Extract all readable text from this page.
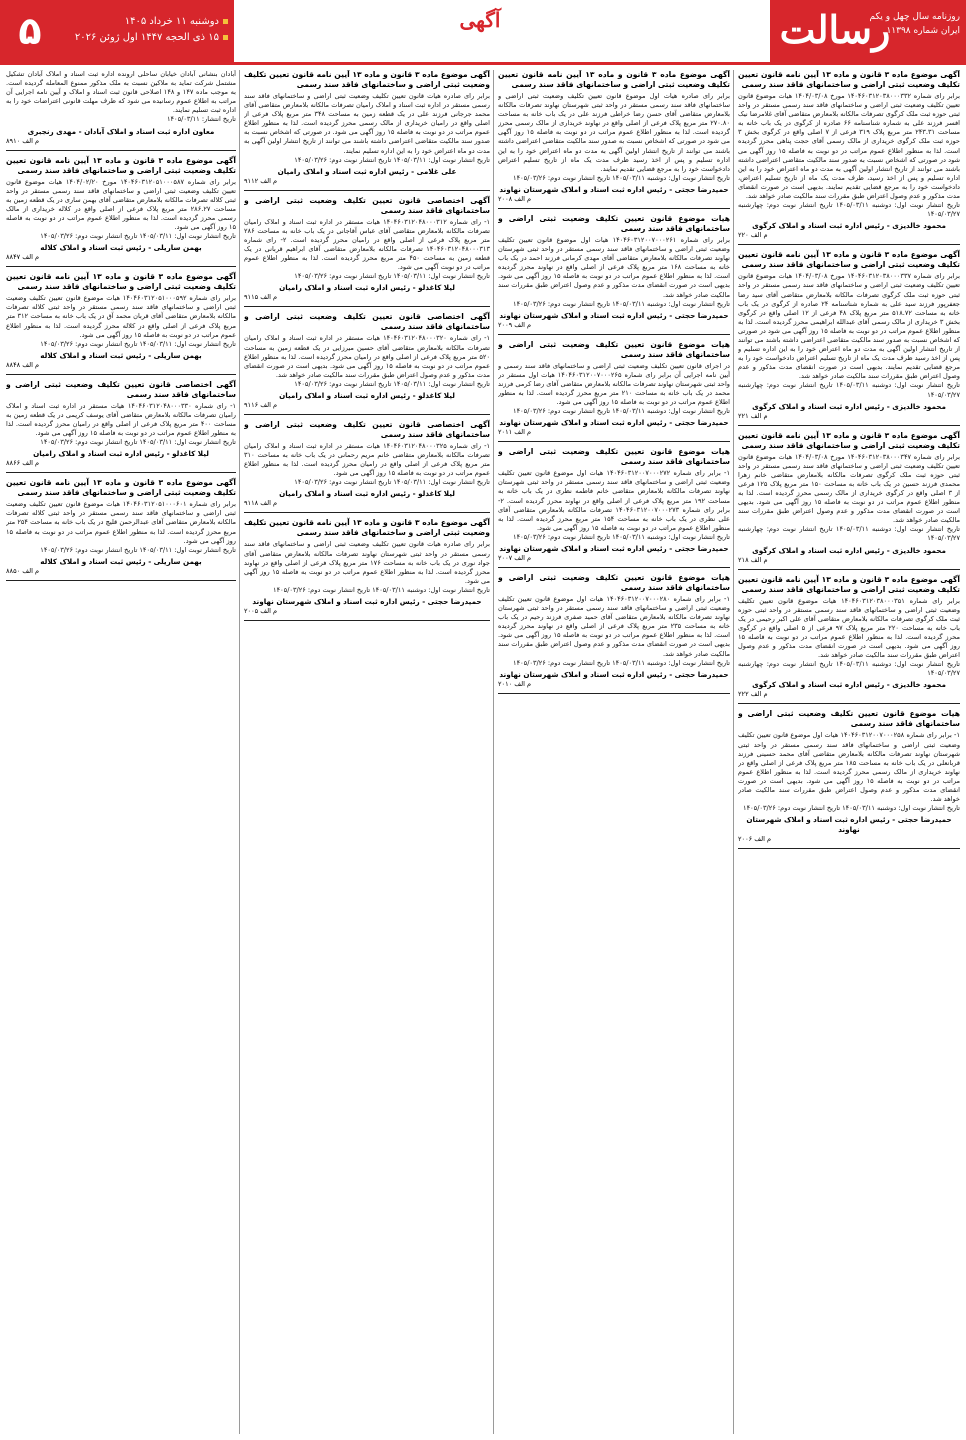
۵	دوشنبه ۱۱ خرداد ۱۴۰۵
۱۵ ذی الحجه ۱۴۴۷ اول ژوئن ۲۰۲۶
آگهی	رسالت
روزنامه سال چهل و یکم
ایران شماره ۱۱۳۹۸
آگهی موضوع ماده ۳ قانون و ماده ۱۳ آیین نامه قانون تعیین تکلیف وضعیت ثبتی اراضی و ساختمانهای فاقد سند رسمی
برابر رای شماره ۱۴۰۴۶۰۳۱۲۰۳۸۰۰۰۳۳۲ مورخ ۱۴۰۴/۰۳/۰۸ هیات موضوع قانون تعیین تکلیف وضعیت ثبتی اراضی و ساختمانهای فاقد سند رسمی مستقر در واحد ثبتی حوزه ثبت ملک کرگوی تصرفات مالکانه بلامعارض متقاضی آقای غلامرضا نیک افسر فرزند علی به شماره شناسنامه ۶۶ صادره از کرگوی در یک باب خانه به مساحت ۲۴۳.۳۱ متر مربع پلاک ۳۱۹ فرعی از ۷ اصلی واقع در کرگوی بخش ۳ حوزه ثبت ملک کرگوی خریداری از مالک رسمی آقای حجت پناهی محرز گردیده است. لذا به منظور اطلاع عموم مراتب در دو نوبت به فاصله ۱۵ روز آگهی می شود در صورتی که اشخاص نسبت به صدور سند مالکیت متقاضی اعتراضی داشته باشند می توانند از تاریخ انتشار اولین آگهی به مدت دو ماه اعتراض خود را به این اداره تسلیم و پس از اخذ رسید، ظرف مدت یک ماه از تاریخ تسلیم اعتراض، دادخواست خود را به مرجع قضایی تقدیم نمایند. بدیهی است در صورت انقضای مدت مذکور و عدم وصول اعتراض طبق مقررات سند مالکیت صادر خواهد شد.
تاریخ انتشار نوبت اول: دوشنبه ۱۴۰۵/۰۳/۱۱ تاریخ انتشار نوبت دوم: چهارشنبه ۱۴۰۵/۰۳/۲۷
محمود خالدیزی - رئیس اداره ثبت اسناد و املاک کرگوی
م الف ۲۲۰
آگهی موضوع ماده ۳ قانون و ماده ۱۳ آیین نامه قانون تعیین تکلیف وضعیت ثبتی اراضی و ساختمانهای فاقد سند رسمی
برابر رای شماره ۱۴۰۴۶۰۳۱۲۰۳۸۰۰۰۳۳۷ مورخ ۱۴۰۴/۰۳/۰۸ هیات موضوع قانون تعیین تکلیف وضعیت ثبتی اراضی و ساختمانهای فاقد سند رسمی مستقر در واحد ثبتی حوزه ثبت ملک کرگوی تصرفات مالکانه بلامعارض متقاضی آقای سید رضا جعفرپور فرزند سید علی به شماره شناسنامه ۲۴ صادره از کرگوی در یک باب خانه به مساحت ۵۱۸.۷۲ متر مربع پلاک ۴۸ فرعی از ۱۲ اصلی واقع در کرگوی بخش ۳ خریداری از مالک رسمی آقای عبدالله ابراهیمی محرز گردیده است. لذا به منظور اطلاع عموم مراتب در دو نوبت به فاصله ۱۵ روز آگهی می شود در صورتی که اشخاص نسبت به صدور سند مالکیت متقاضی اعتراضی داشته باشند می توانند از تاریخ انتشار اولین آگهی به مدت دو ماه اعتراض خود را به این اداره تسلیم و پس از اخذ رسید ظرف مدت یک ماه از تاریخ تسلیم اعتراض دادخواست خود را به مرجع قضایی تقدیم نمایند. بدیهی است در صورت انقضای مدت مذکور و عدم وصول اعتراض طبق مقررات سند مالکیت صادر خواهد شد.
تاریخ انتشار نوبت اول: دوشنبه ۱۴۰۵/۰۳/۱۱ تاریخ انتشار نوبت دوم: چهارشنبه ۱۴۰۵/۰۳/۲۷
محمود خالدیزی - رئیس اداره ثبت اسناد و املاک کرگوی
م الف ۲۲۱
آگهی موضوع ماده ۳ قانون و ماده ۱۳ آیین نامه قانون تعیین تکلیف وضعیت ثبتی اراضی و ساختمانهای فاقد سند رسمی
برابر رای شماره ۱۴۰۴۶۰۳۱۲۰۳۸۰۰۰۳۴۷ مورخ ۱۴۰۴/۰۳/۰۸ هیات موضوع قانون تعیین تکلیف وضعیت ثبتی اراضی و ساختمانهای فاقد سند رسمی مستقر در واحد ثبتی حوزه ثبت ملک کرگوی تصرفات مالکانه بلامعارض متقاضی خانم زهرا محمدی فرزند حسین در یک باب خانه به مساحت ۱۵۰ متر مربع پلاک ۱۲۵ فرعی از ۳ اصلی واقع در کرگوی خریداری از مالک رسمی محرز گردیده است. لذا به منظور اطلاع عموم مراتب در دو نوبت به فاصله ۱۵ روز آگهی می شود. بدیهی است در صورت انقضای مدت مذکور و عدم وصول اعتراض طبق مقررات سند مالکیت صادر خواهد شد.
تاریخ انتشار نوبت اول: دوشنبه ۱۴۰۵/۰۳/۱۱ تاریخ انتشار نوبت دوم: چهارشنبه ۱۴۰۵/۰۳/۲۷
محمود خالدیزی - رئیس اداره ثبت اسناد و املاک کرگوی
م الف ۲۱۸
آگهی موضوع ماده ۳ قانون و ماده ۱۳ آیین نامه قانون تعیین تکلیف وضعیت ثبتی اراضی و ساختمانهای فاقد سند رسمی
برابر رای شماره ۱۴۰۴۶۰۳۱۲۰۳۸۰۰۰۳۵۱ هیات موضوع قانون تعیین تکلیف وضعیت ثبتی اراضی و ساختمانهای فاقد سند رسمی مستقر در واحد ثبتی حوزه ثبت ملک کرگوی تصرفات مالکانه بلامعارض متقاضی آقای علی اکبر رحیمی در یک باب خانه به مساحت ۲۲۰ متر مربع پلاک ۹۷ فرعی از ۵ اصلی واقع در کرگوی محرز گردیده است. لذا به منظور اطلاع عموم مراتب در دو نوبت به فاصله ۱۵ روز آگهی می شود. بدیهی است در صورت انقضای مدت مذکور و عدم وصول اعتراض طبق مقررات سند مالکیت صادر خواهد شد.
تاریخ انتشار نوبت اول: دوشنبه ۱۴۰۵/۰۳/۱۱ تاریخ انتشار نوبت دوم: چهارشنبه ۱۴۰۵/۰۳/۲۷
محمود خالدیزی - رئیس اداره ثبت اسناد و املاک کرگوی
م الف ۲۲۲
هیات موضوع قانون تعیین تکلیف وضعیت ثبتی اراضی و ساختمانهای فاقد سند رسمی
۱- برابر رای شماره ۱۴۰۴۶۰۳۱۲۰۰۷۰۰۰۲۵۸ هیات اول موضوع قانون تعیین تکلیف وضعیت ثبتی اراضی و ساختمانهای فاقد سند رسمی مستقر در واحد ثبتی شهرستان نهاوند تصرفات مالکانه بلامعارض متقاضی آقای محمد حسینی فرزند قربانعلی در یک باب خانه به مساحت ۱۸۵ متر مربع پلاک فرعی از اصلی واقع در نهاوند خریداری از مالک رسمی محرز گردیده است. لذا به منظور اطلاع عموم مراتب در دو نوبت به فاصله ۱۵ روز آگهی می شود. بدیهی است در صورت انقضای مدت مذکور و عدم وصول اعتراض طبق مقررات سند مالکیت صادر خواهد شد.
تاریخ انتشار نوبت اول: دوشنبه ۱۴۰۵/۰۳/۱۱ تاریخ انتشار نوبت دوم: ۱۴۰۵/۰۳/۲۶
حمیدرضا حجتی - رئیس اداره ثبت اسناد و املاک شهرستان نهاوند
م الف ۲۰۰۶
آگهی موضوع ماده ۳ قانون و ماده ۱۳ آیین نامه قانون تعیین تکلیف وضعیت ثبتی اراضی و ساختمانهای فاقد سند رسمی
برابر رای صادره هیات اول موضوع قانون تعیین تکلیف وضعیت ثبتی اراضی و ساختمانهای فاقد سند رسمی مستقر در واحد ثبتی شهرستان نهاوند تصرفات مالکانه بلامعارض متقاضی آقای حسن رضا خراطی فرزند علی در یک باب خانه به مساحت ۲۷۰.۸۰ متر مربع پلاک فرعی از اصلی واقع در نهاوند خریداری از مالک رسمی محرز گردیده است. لذا به منظور اطلاع عموم مراتب در دو نوبت به فاصله ۱۵ روز آگهی می شود در صورتی که اشخاص نسبت به صدور سند مالکیت متقاضی اعتراضی داشته باشند می توانند از تاریخ انتشار اولین آگهی به مدت دو ماه اعتراض خود را به این اداره تسلیم و پس از اخذ رسید ظرف مدت یک ماه از تاریخ تسلیم اعتراض دادخواست خود را به مرجع قضایی تقدیم نمایند.
تاریخ انتشار نوبت اول: دوشنبه ۱۴۰۵/۰۳/۱۱ تاریخ انتشار نوبت دوم: ۱۴۰۵/۰۳/۲۶
حمیدرضا حجتی - رئیس اداره ثبت اسناد و املاک شهرستان نهاوند
م الف ۲۰۰۸
هیات موضوع قانون تعیین تکلیف وضعیت ثبتی اراضی و ساختمانهای فاقد سند رسمی
برابر رای شماره ۱۴۰۴۶۰۳۱۲۰۰۷۰۰۰۲۶۱ هیات اول موضوع قانون تعیین تکلیف وضعیت ثبتی اراضی و ساختمانهای فاقد سند رسمی مستقر در واحد ثبتی شهرستان نهاوند تصرفات مالکانه بلامعارض متقاضی آقای مهدی کرمانی فرزند احمد در یک باب خانه به مساحت ۱۶۸ متر مربع پلاک فرعی از اصلی واقع در نهاوند محرز گردیده است. لذا به منظور اطلاع عموم مراتب در دو نوبت به فاصله ۱۵ روز آگهی می شود. بدیهی است در صورت انقضای مدت مذکور و عدم وصول اعتراض طبق مقررات سند مالکیت صادر خواهد شد.
تاریخ انتشار نوبت اول: دوشنبه ۱۴۰۵/۰۳/۱۱ تاریخ انتشار نوبت دوم: ۱۴۰۵/۰۳/۲۶
حمیدرضا حجتی - رئیس اداره ثبت اسناد و املاک شهرستان نهاوند
م الف ۲۰۰۹
هیات موضوع قانون تعیین تکلیف وضعیت ثبتی اراضی و ساختمانهای فاقد سند رسمی
در اجرای قانون تعیین تکلیف وضعیت ثبتی اراضی و ساختمانهای فاقد سند رسمی و آیین نامه اجرایی آن برابر رای شماره ۱۴۰۴۶۰۳۱۲۰۰۷۰۰۰۲۶۵ هیات اول مستقر در واحد ثبتی شهرستان نهاوند تصرفات مالکانه بلامعارض متقاضی آقای رضا کرمی فرزند محمد در یک باب خانه به مساحت ۲۱۰ متر مربع محرز گردیده است. لذا به منظور اطلاع عموم مراتب در دو نوبت به فاصله ۱۵ روز آگهی می شود.
تاریخ انتشار نوبت اول: دوشنبه ۱۴۰۵/۰۳/۱۱ تاریخ انتشار نوبت دوم: ۱۴۰۵/۰۳/۲۶
حمیدرضا حجتی - رئیس اداره ثبت اسناد و املاک شهرستان نهاوند
م الف ۲۰۱۱
هیات موضوع قانون تعیین تکلیف وضعیت ثبتی اراضی و ساختمانهای فاقد سند رسمی
۱- برابر رای شماره ۱۴۰۴۶۰۳۱۲۰۰۷۰۰۰۲۷۲ هیات اول موضوع قانون تعیین تکلیف وضعیت ثبتی اراضی و ساختمانهای فاقد سند رسمی مستقر در واحد ثبتی شهرستان نهاوند تصرفات مالکانه بلامعارض متقاضی خانم فاطمه نظری در یک باب خانه به مساحت ۱۹۲ متر مربع پلاک فرعی از اصلی واقع در نهاوند محرز گردیده است. ۲- برابر رای شماره ۱۴۰۴۶۰۳۱۲۰۰۷۰۰۰۲۷۳ تصرفات مالکانه بلامعارض متقاضی آقای علی نظری در یک باب خانه به مساحت ۱۵۴ متر مربع محرز گردیده است. لذا به منظور اطلاع عموم مراتب در دو نوبت به فاصله ۱۵ روز آگهی می شود.
تاریخ انتشار نوبت اول: دوشنبه ۱۴۰۵/۰۳/۱۱ تاریخ انتشار نوبت دوم: ۱۴۰۵/۰۳/۲۶
حمیدرضا حجتی - رئیس اداره ثبت اسناد و املاک شهرستان نهاوند
م الف ۲۰۰۷
هیات موضوع قانون تعیین تکلیف وضعیت ثبتی اراضی و ساختمانهای فاقد سند رسمی
۱- برابر رای شماره ۱۴۰۴۶۰۳۱۲۰۰۷۰۰۰۲۸۰ هیات اول موضوع قانون تعیین تکلیف وضعیت ثبتی اراضی و ساختمانهای فاقد سند رسمی مستقر در واحد ثبتی شهرستان نهاوند تصرفات مالکانه بلامعارض متقاضی آقای حمید صفری فرزند رحیم در یک باب خانه به مساحت ۲۳۵ متر مربع پلاک فرعی از اصلی واقع در نهاوند محرز گردیده است. لذا به منظور اطلاع عموم مراتب در دو نوبت به فاصله ۱۵ روز آگهی می شود. بدیهی است در صورت انقضای مدت مذکور و عدم وصول اعتراض طبق مقررات سند مالکیت صادر خواهد شد.
تاریخ انتشار نوبت اول: دوشنبه ۱۴۰۵/۰۳/۱۱ تاریخ انتشار نوبت دوم: ۱۴۰۵/۰۳/۲۶
حمیدرضا حجتی - رئیس اداره ثبت اسناد و املاک شهرستان نهاوند
م الف ۲۰۱۰
آگهی موضوع ماده ۳ قانون و ماده ۱۳ آیین نامه قانون تعیین تکلیف وضعیت ثبتی اراضی و ساختمانهای فاقد سند رسمی
برابر رای صادره هیات قانون تعیین تکلیف وضعیت ثبتی اراضی و ساختمانهای فاقد سند رسمی مستقر در اداره ثبت اسناد و املاک رامیان تصرفات مالکانه بلامعارض متقاضی آقای محمد جرجانی فرزند علی در یک قطعه زمین به مساحت ۳۴۸ متر مربع پلاک فرعی از اصلی واقع در رامیان خریداری از مالک رسمی محرز گردیده است. لذا به منظور اطلاع عموم مراتب در دو نوبت به فاصله ۱۵ روز آگهی می شود. در صورتی که اشخاص نسبت به صدور سند مالکیت متقاضی اعتراضی داشته باشند می توانند از تاریخ انتشار اولین آگهی به مدت دو ماه اعتراض خود را به این اداره تسلیم نمایند.
تاریخ انتشار نوبت اول: ۱۴۰۵/۰۳/۱۱ تاریخ انتشار نوبت دوم: ۱۴۰۵/۰۳/۲۶
علی غلامی - رئیس اداره ثبت اسناد و املاک رامیان
م الف ۹۱۱۲
آگهی اختصاصی قانون تعیین تکلیف وضعیت ثبتی اراضی و ساختمانهای فاقد سند رسمی
۱- رای شماره ۱۴۰۴۶۰۳۱۲۰۴۸۰۰۰۳۱۲ هیات مستقر در اداره ثبت اسناد و املاک رامیان تصرفات مالکانه بلامعارض متقاضی آقای عباس آقاجانی در یک باب خانه به مساحت ۲۸۶ متر مربع پلاک فرعی از اصلی واقع در رامیان محرز گردیده است. ۲- رای شماره ۱۴۰۴۶۰۳۱۲۰۴۸۰۰۰۳۱۳ تصرفات مالکانه بلامعارض متقاضی آقای ابراهیم قربانی در یک قطعه زمین به مساحت ۴۵۰ متر مربع محرز گردیده است. لذا به منظور اطلاع عموم مراتب در دو نوبت آگهی می شود.
تاریخ انتشار نوبت اول: ۱۴۰۵/۰۳/۱۱ تاریخ انتشار نوبت دوم: ۱۴۰۵/۰۳/۲۶
لیلا کاغذلو - رئیس اداره ثبت اسناد و املاک رامیان
م الف ۹۱۱۵
آگهی اختصاصی قانون تعیین تکلیف وضعیت ثبتی اراضی و ساختمانهای فاقد سند رسمی
۱- رای شماره ۱۴۰۴۶۰۳۱۲۰۴۸۰۰۰۳۲۰ هیات مستقر در اداره ثبت اسناد و املاک رامیان تصرفات مالکانه بلامعارض متقاضی آقای حسین میرزایی در یک قطعه زمین به مساحت ۵۲۰ متر مربع پلاک فرعی از اصلی واقع در رامیان محرز گردیده است. لذا به منظور اطلاع عموم مراتب در دو نوبت به فاصله ۱۵ روز آگهی می شود. بدیهی است در صورت انقضای مدت مذکور و عدم وصول اعتراض طبق مقررات سند مالکیت صادر خواهد شد.
تاریخ انتشار نوبت اول: ۱۴۰۵/۰۳/۱۱ تاریخ انتشار نوبت دوم: ۱۴۰۵/۰۳/۲۶
لیلا کاغذلو - رئیس اداره ثبت اسناد و املاک رامیان
م الف ۹۱۱۶
آگهی اختصاصی قانون تعیین تکلیف وضعیت ثبتی اراضی و ساختمانهای فاقد سند رسمی
۱- رای شماره ۱۴۰۴۶۰۳۱۲۰۴۸۰۰۰۳۲۵ هیات مستقر در اداره ثبت اسناد و املاک رامیان تصرفات مالکانه بلامعارض متقاضی خانم مریم رحمانی در یک باب خانه به مساحت ۳۱۰ متر مربع پلاک فرعی از اصلی واقع در رامیان محرز گردیده است. لذا به منظور اطلاع عموم مراتب در دو نوبت به فاصله ۱۵ روز آگهی می شود.
تاریخ انتشار نوبت اول: ۱۴۰۵/۰۳/۱۱ تاریخ انتشار نوبت دوم: ۱۴۰۵/۰۳/۲۶
لیلا کاغذلو - رئیس اداره ثبت اسناد و املاک رامیان
م الف ۹۱۱۸
آگهی موضوع ماده ۳ قانون و ماده ۱۳ آیین نامه قانون تعیین تکلیف وضعیت ثبتی اراضی و ساختمانهای فاقد سند رسمی
برابر رای صادره هیات قانون تعیین تکلیف وضعیت ثبتی اراضی و ساختمانهای فاقد سند رسمی مستقر در واحد ثبتی شهرستان نهاوند تصرفات مالکانه بلامعارض متقاضی آقای جواد نوری در یک باب خانه به مساحت ۱۷۶ متر مربع پلاک فرعی از اصلی واقع در نهاوند محرز گردیده است. لذا به منظور اطلاع عموم مراتب در دو نوبت به فاصله ۱۵ روز آگهی می شود.
تاریخ انتشار نوبت اول: دوشنبه ۱۴۰۵/۰۳/۱۱ تاریخ انتشار نوبت دوم: ۱۴۰۵/۰۳/۲۶
حمیدرضا حجتی - رئیس اداره ثبت اسناد و املاک شهرستان نهاوند
م الف ۲۰۰۵
آبادان بنشانی آبادان خیابان ساحلی ارونده اداره ثبت اسناد و املاک آبادان تشکیل مشتمل شرکت تماید به ملاکین نسبت به ملک مذکور ممنوع المعامله گردیده است. به موجب ماده ۱۴۷ و ۱۴۸ اصلاحی قانون ثبت اسناد و املاک و آیین نامه اجرایی آن مراتب به اطلاع عموم رسانیده می شود که ظرف مهلت قانونی اعتراضات خود را به اداره ثبت تسلیم نمایند.
تاریخ انتشار: ۱۴۰۵/۰۳/۱۱
معاون اداره ثبت اسناد و املاک آبادان - مهدی رنجبری
م الف ۸۹۱۰
آگهی موضوع ماده ۳ قانون و ماده ۱۳ آیین نامه قانون تعیین تکلیف وضعیت ثبتی اراضی و ساختمانهای فاقد سند رسمی
برابر رای شماره ۱۴۰۴۶۰۳۱۲۰۵۱۰۰۰۵۸۷ مورخ ۱۴۰۴/۰۲/۲۰ هیات موضوع قانون تعیین تکلیف وضعیت ثبتی اراضی و ساختمانهای فاقد سند رسمی مستقر در واحد ثبتی کلاله تصرفات مالکانه بلامعارض متقاضی آقای بهمن ساری در یک قطعه زمین به مساحت ۲۸۶.۲۷ متر مربع پلاک فرعی از اصلی واقع در کلاله خریداری از مالک رسمی محرز گردیده است. لذا به منظور اطلاع عموم مراتب در دو نوبت به فاصله ۱۵ روز آگهی می شود.
تاریخ انتشار نوبت اول: ۱۴۰۵/۰۳/۱۱ تاریخ انتشار نوبت دوم: ۱۴۰۵/۰۳/۲۶
بهمن ساریلی - رئیس ثبت اسناد و املاک کلاله
م الف ۸۸۴۷
آگهی موضوع ماده ۳ قانون و ماده ۱۳ آیین نامه قانون تعیین تکلیف وضعیت ثبتی اراضی و ساختمانهای فاقد سند رسمی
برابر رای شماره ۱۴۰۴۶۰۳۱۲۰۵۱۰۰۰۵۹۲ هیات موضوع قانون تعیین تکلیف وضعیت ثبتی اراضی و ساختمانهای فاقد سند رسمی مستقر در واحد ثبتی کلاله تصرفات مالکانه بلامعارض متقاضی آقای قربان محمد آق در یک باب خانه به مساحت ۳۱۲ متر مربع پلاک فرعی از اصلی واقع در کلاله محرز گردیده است. لذا به منظور اطلاع عموم مراتب در دو نوبت به فاصله ۱۵ روز آگهی می شود.
تاریخ انتشار نوبت اول: ۱۴۰۵/۰۳/۱۱ تاریخ انتشار نوبت دوم: ۱۴۰۵/۰۳/۲۶
بهمن ساریلی - رئیس ثبت اسناد و املاک کلاله
م الف ۸۸۴۸
آگهی اختصاصی قانون تعیین تکلیف وضعیت ثبتی اراضی و ساختمانهای فاقد سند رسمی
۱- رای شماره ۱۴۰۴۶۰۳۱۲۰۴۸۰۰۰۳۳۰ هیات مستقر در اداره ثبت اسناد و املاک رامیان تصرفات مالکانه بلامعارض متقاضی آقای یوسف کریمی در یک قطعه زمین به مساحت ۴۰۰ متر مربع پلاک فرعی از اصلی واقع در رامیان محرز گردیده است. لذا به منظور اطلاع عموم مراتب در دو نوبت به فاصله ۱۵ روز آگهی می شود.
تاریخ انتشار نوبت اول: ۱۴۰۵/۰۳/۱۱ تاریخ انتشار نوبت دوم: ۱۴۰۵/۰۳/۲۶
لیلا کاغذلو - رئیس اداره ثبت اسناد و املاک رامیان
م الف ۸۸۶۶
آگهی موضوع ماده ۳ قانون و ماده ۱۳ آیین نامه قانون تعیین تکلیف وضعیت ثبتی اراضی و ساختمانهای فاقد سند رسمی
برابر رای شماره ۱۴۰۴۶۰۳۱۲۰۵۱۰۰۰۶۰۱ هیات موضوع قانون تعیین تکلیف وضعیت ثبتی اراضی و ساختمانهای فاقد سند رسمی مستقر در واحد ثبتی کلاله تصرفات مالکانه بلامعارض متقاضی آقای عبدالرحمن قلیچ در یک باب خانه به مساحت ۲۵۴ متر مربع محرز گردیده است. لذا به منظور اطلاع عموم مراتب در دو نوبت به فاصله ۱۵ روز آگهی می شود.
تاریخ انتشار نوبت اول: ۱۴۰۵/۰۳/۱۱ تاریخ انتشار نوبت دوم: ۱۴۰۵/۰۳/۲۶
بهمن ساریلی - رئیس ثبت اسناد و املاک کلاله
م الف ۸۸۵۰
